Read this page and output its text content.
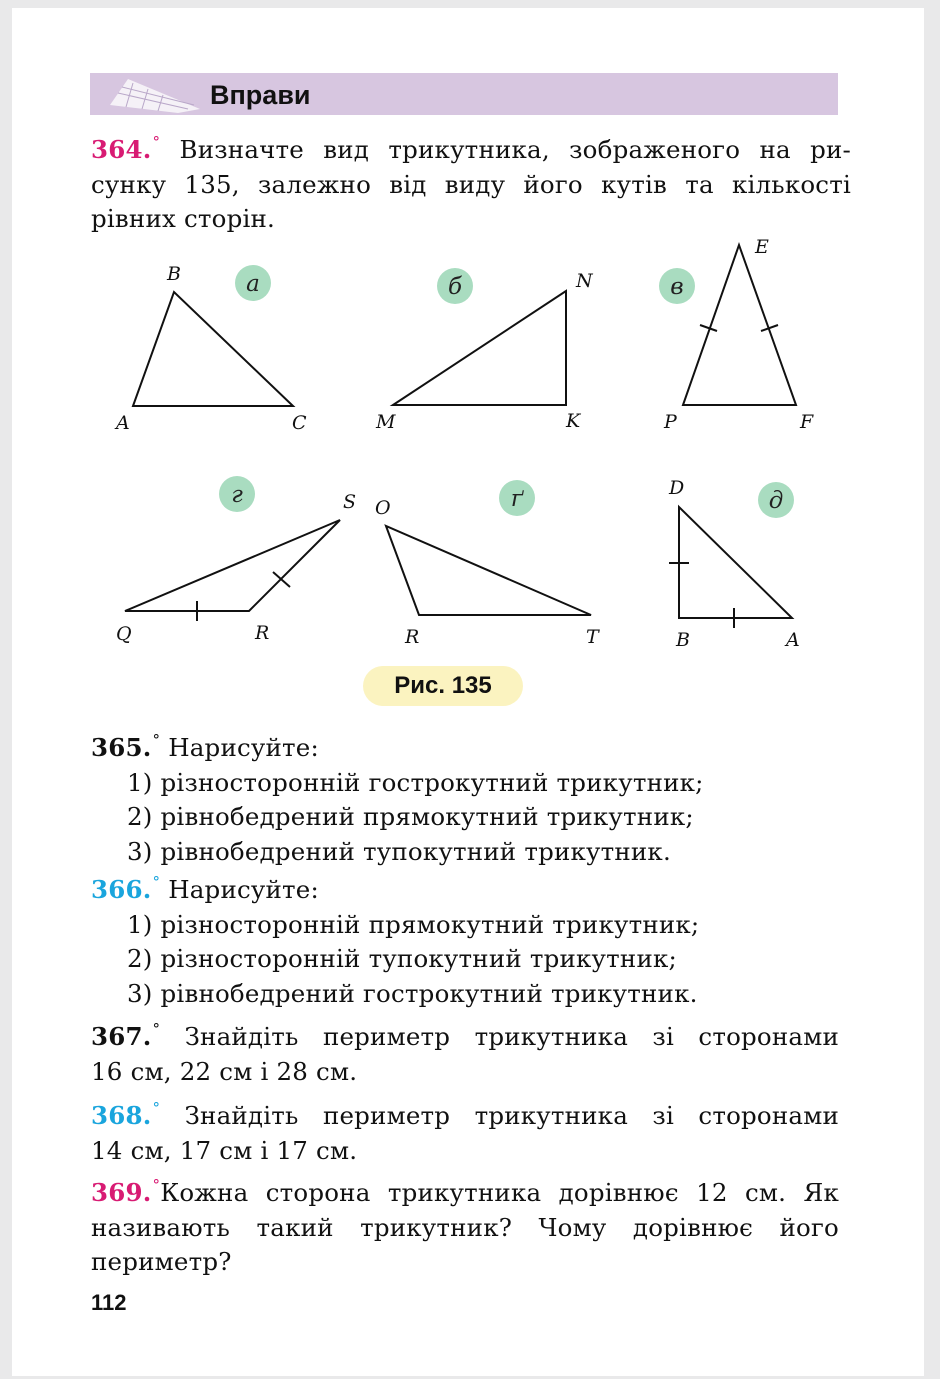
Вправи
364.° Визначте вид трикутника, зображеного на ри-
сунку 135, залежно від виду його кутів та кількості
рівних сторін.
а	б	в
г	ґ	д
A
B
C	M
N
K	P
E
F
Q
S
R
O
R	T
D
B	A
Рис. 135
365.° Нарисуйте:
1) різносторонній гострокутний трикутник;
2) рівнобедрений прямокутний трикутник;
3) рівнобедрений тупокутний трикутник.
366.° Нарисуйте:
1) різносторонній прямокутний трикутник;
2) різносторонній тупокутний трикутник;
3) рівнобедрений гострокутний трикутник.
367.° Знайдіть периметр трикутника зі сторонами
16 см, 22 см і 28 см.
368.° Знайдіть периметр трикутника зі сторонами
14 см, 17 см і 17 см.
369.°Кожна сторона трикутника дорівнює 12 см. Як
називають такий трикутник? Чому дорівнює його
периметр?
112
